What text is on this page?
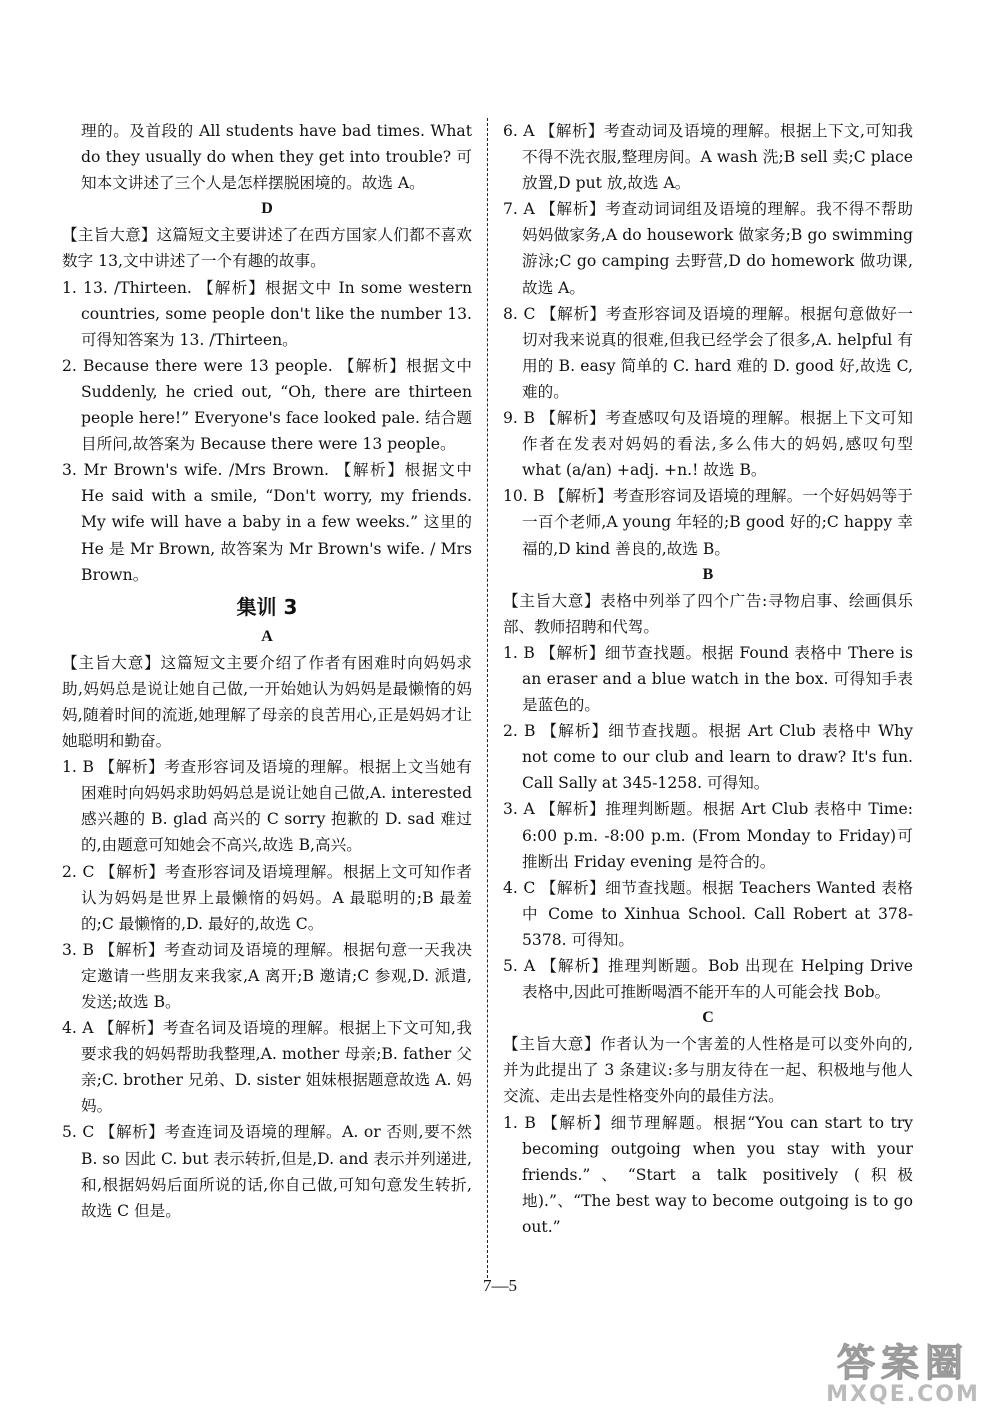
理的。及首段的 All students have bad times. What do they usually do when they get into trouble? 可知本文讲述了三个人是怎样摆脱困境的。故选 A。

D

【主旨大意】这篇短文主要讲述了在西方国家人们都不喜欢数字 13,文中讲述了一个有趣的故事。

1. 13. /Thirteen. 【解析】根据文中 In some western countries, some people don't like the number 13. 可得知答案为 13. /Thirteen。

2. Because there were 13 people. 【解析】根据文中 Suddenly, he cried out, “Oh, there are thirteen people here!” Everyone's face looked pale. 结合题目所问,故答案为 Because there were 13 people。

3. Mr Brown's wife. /Mrs Brown. 【解析】根据文中 He said with a smile, “Don't worry, my friends. My wife will have a baby in a few weeks.” 这里的 He 是 Mr Brown, 故答案为 Mr Brown's wife. / Mrs Brown。

集训 3

A

【主旨大意】这篇短文主要介绍了作者有困难时向妈妈求助,妈妈总是说让她自己做,一开始她认为妈妈是最懒惰的妈妈,随着时间的流逝,她理解了母亲的良苦用心,正是妈妈才让她聪明和勤奋。

1. B 【解析】考查形容词及语境的理解。根据上文当她有困难时向妈妈求助妈妈总是说让她自己做,A. interested 感兴趣的 B. glad 高兴的 C sorry 抱歉的 D. sad 难过的,由题意可知她会不高兴,故选 B,高兴。

2. C 【解析】考查形容词及语境理解。根据上文可知作者认为妈妈是世界上最懒惰的妈妈。A 最聪明的;B 最羞的;C 最懒惰的,D. 最好的,故选 C。

3. B 【解析】考查动词及语境的理解。根据句意一天我决定邀请一些朋友来我家,A 离开;B 邀请;C 参观,D. 派遣,发送;故选 B。

4. A 【解析】考查名词及语境的理解。根据上下文可知,我要求我的妈妈帮助我整理,A. mother 母亲;B. father 父亲;C. brother 兄弟、D. sister 姐妹根据题意故选 A. 妈妈。

5. C 【解析】考查连词及语境的理解。A. or 否则,要不然 B. so 因此 C. but 表示转折,但是,D. and 表示并列递进,和,根据妈妈后面所说的话,你自己做,可知句意发生转折,故选 C 但是。

6. A 【解析】考查动词及语境的理解。根据上下文,可知我不得不洗衣服,整理房间。A wash 洗;B sell 卖;C place 放置,D put 放,故选 A。

7. A 【解析】考查动词词组及语境的理解。我不得不帮助妈妈做家务,A do housework 做家务;B go swimming 游泳;C go camping 去野营,D do homework 做功课,故选 A。

8. C 【解析】考查形容词及语境的理解。根据句意做好一切对我来说真的很难,但我已经学会了很多,A. helpful 有用的 B. easy 简单的 C. hard 难的 D. good 好,故选 C,难的。

9. B 【解析】考查感叹句及语境的理解。根据上下文可知作者在发表对妈妈的看法,多么伟大的妈妈,感叹句型 what (a/an) +adj. +n.! 故选 B。

10. B 【解析】考查形容词及语境的理解。一个好妈妈等于一百个老师,A young 年轻的;B good 好的;C happy 幸福的,D kind 善良的,故选 B。

B

【主旨大意】表格中列举了四个广告:寻物启事、绘画俱乐部、教师招聘和代驾。

1. B 【解析】细节查找题。根据 Found 表格中 There is an eraser and a blue watch in the box. 可得知手表是蓝色的。

2. B 【解析】细节查找题。根据 Art Club 表格中 Why not come to our club and learn to draw? It's fun. Call Sally at 345-1258. 可得知。

3. A 【解析】推理判断题。根据 Art Club 表格中 Time: 6:00 p.m. -8:00 p.m. (From Monday to Friday)可推断出 Friday evening 是符合的。

4. C 【解析】细节查找题。根据 Teachers Wanted 表格中 Come to Xinhua School. Call Robert at 378-5378. 可得知。

5. A 【解析】推理判断题。Bob 出现在 Helping Drive 表格中,因此可推断喝酒不能开车的人可能会找 Bob。

C

【主旨大意】作者认为一个害羞的人性格是可以变外向的,并为此提出了 3 条建议:多与朋友待在一起、积极地与他人交流、走出去是性格变外向的最佳方法。

1. B 【解析】细节理解题。根据“You can start to try becoming outgoing when you stay with your friends.”、“Start a talk positively (积极地).”、“The best way to become outgoing is to go out.”

7—5
答案圈
MXQE.COM
